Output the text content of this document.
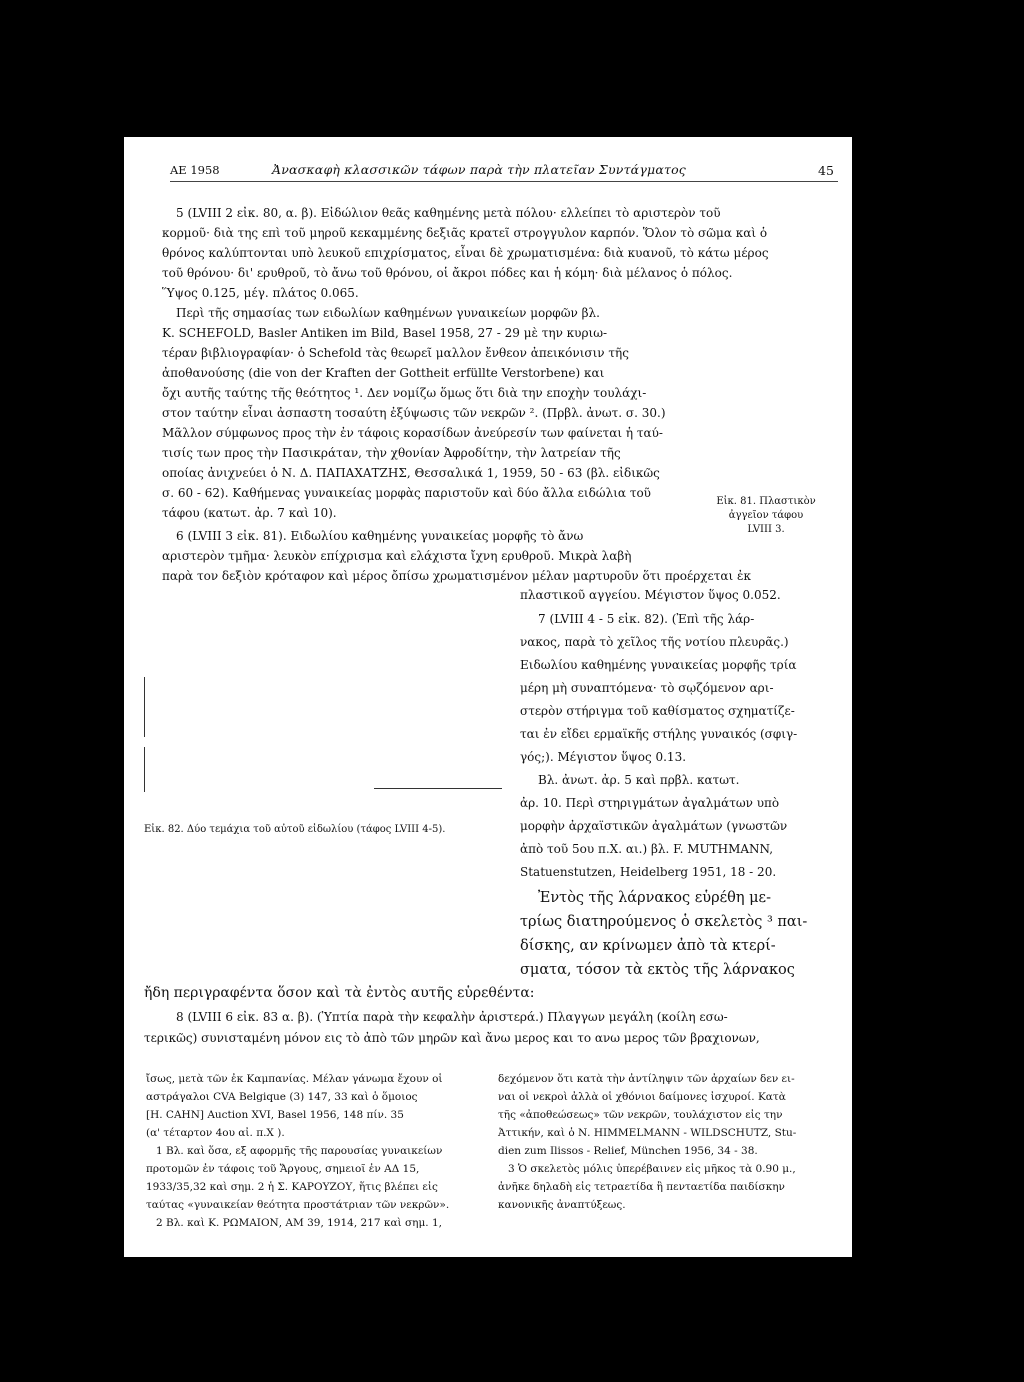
ΑΕ 1958	Ἀνασκαφὴ κλασσικῶν τάφων παρὰ τὴν πλατεῖαν Συντάγματος	45
5 (LVIII 2 εἰκ. 80, α. β). Εἰδώλιον θεᾶς καθημένης μετὰ πόλου· ελλείπει τὸ αριστερὸν τοῦ
κορμοῦ· διὰ της επὶ τοῦ μηροῦ κεκαμμένης δεξιᾶς κρατεῖ στρογγυλον καρπόν. Ὅλον τὸ σῶμα καὶ ὁ
θρόνος καλύπτονται υπὸ λευκοῦ επιχρίσματος, εἶναι δὲ χρωματισμένα: διὰ κυανοῦ, τὸ κάτω μέρος
τοῦ θρόνου· δι' ερυθροῦ, τὸ ἄνω τοῦ θρόνου, οἱ ἄκροι πόδες και ἡ κόμη· διὰ μέλανος ὁ πόλος.
Ὕψος 0.125, μέγ. πλάτος 0.065.
Περὶ τῆς σημασίας των ειδωλίων καθημένων γυναικείων μορφῶν βλ.
K. SCHEFOLD, Basler Antiken im Bild, Basel 1958, 27 - 29 μὲ την κυριω-
τέραν βιβλιογραφίαν· ὁ Schefold τὰς θεωρεῖ μαλλον ἔνθεον ἀπεικόνισιν τῆς
ἀποθανούσης (die von der Kraften der Gottheit erfüllte Verstorbene) και
ὄχι αυτῆς ταύτης τῆς θεότητος ¹. Δεν νομίζω ὅμως ὅτι διὰ την εποχὴν τουλάχι-
στον ταύτην εἶναι ἀσπαστη τοσαύτη ἐξύψωσις τῶν νεκρῶν ². (Πρβλ. ἀνωτ. σ. 30.)
Μᾶλλον σύμφωνος προς τὴν ἐν τάφοις κορασίδων ἀνεύρεσίν των φαίνεται ἡ ταύ-
τισίς των προς τὴν Πασικράταν, τὴν χθονίαν Ἀφροδίτην, τὴν λατρείαν τῆς
οποίας ἀνιχνεύει ὁ Ν. Δ. ΠΑΠΑΧΑΤΖΗΣ, Θεσσαλικά 1, 1959, 50 - 63 (βλ. εἰδικῶς
σ. 60 - 62). Καθήμενας γυναικείας μορφὰς παριστοῦν καὶ δύο ἄλλα ειδώλια τοῦ
τάφου (κατωτ. ἀρ. 7 καὶ 10).
6 (LVIII 3 εἰκ. 81). Ειδωλίου καθημένης γυναικείας μορφῆς τὸ ἄνω
αριστερὸν τμῆμα· λευκὸν επίχρισμα καὶ ελάχιστα ἴχνη ερυθροῦ. Μικρὰ λαβὴ
παρὰ τον δεξιὸν κρόταφον καὶ μέρος ὄπίσω χρωματισμένον μέλαν μαρτυροῦν ὅτι προέρχεται ἐκ
Εἰκ. 81. Πλαστικὸν
ἀγγεῖον τάφου
LVIII 3.
Εἰκ. 82. Δύο τεμάχια τοῦ αὐτοῦ εἰδωλίου (τάφος LVIII 4-5).
πλαστικοῦ αγγείου. Μέγιστον ὕψος 0.052.
7 (LVIII 4 - 5 εἰκ. 82). (Ἐπὶ τῆς λάρ-
νακος, παρὰ τὸ χεῖλος τῆς νοτίου πλευρᾶς.)
Ειδωλίου καθημένης γυναικείας μορφῆς τρία
μέρη μὴ συναπτόμενα· τὸ σῳζόμενον αρι-
στερὸν στήριγμα τοῦ καθίσματος σχηματίζε-
ται ἐν εἴδει ερμαϊκῆς στήλης γυναικός (σφιγ-
γός;). Μέγιστον ὕψος 0.13.
Βλ. ἀνωτ. ἀρ. 5 καὶ πρβλ. κατωτ.
ἀρ. 10. Περὶ στηριγμάτων ἀγαλμάτων υπὸ
μορφὴν ἀρχαϊστικῶν ἀγαλμάτων (γνωστῶν
ἀπὸ τοῦ 5ου π.Χ. αι.) βλ. F. MUTHMANN,
Statuenstutzen, Heidelberg 1951, 18 - 20.
Ἐντὸς τῆς λάρνακος εὑρέθη με-
τρίως διατηρούμενος ὁ σκελετὸς ³ παι-
δίσκης, αν κρίνωμεν ἀπὸ τὰ κτερί-
σματα, τόσον τὰ εκτὸς τῆς λάρνακος
ἤδη περιγραφέντα ὅσον καὶ τὰ ἐντὸς αυτῆς εὑρεθέντα:
8 (LVIII 6 εἰκ. 83 α. β). (Ὑπτία παρὰ τὴν κεφαλὴν ἀριστερά.) Πλαγγων μεγάλη (κοίλη εσω-
τερικῶς) συνισταμένη μόνον εις τὸ ἀπὸ τῶν μηρῶν καὶ ἄνω μερος και το ανω μερος τῶν βραχιονων,
ἴσως, μετὰ τῶν ἐκ Καμπανίας. Μέλαν γάνωμα ἔχουν οἱ
αστράγαλοι CVA Belgique (3) 147, 33 καὶ ὁ ὅμοιος
[H. CAHN] Auction XVI, Basel 1956, 148 πίν. 35
(α' τέταρτον 4ου αἰ. π.Χ ).
1 Βλ. καὶ ὅσα, εξ αφορμῆς τῆς παρουσίας γυναικείων
προτομῶν ἐν τάφοις τοῦ Ἄργους, σημειοῖ ἐν ΑΔ 15,
1933/35,32 καὶ σημ. 2 ἡ Σ. ΚΑΡΟΥΖΟΥ, ἥτις βλέπει εἰς
ταύτας «γυναικείαν θεότητα προστάτριαν τῶν νεκρῶν».
2 Βλ. καὶ Κ. ΡΩΜΑΙΟΝ, ΑΜ 39, 1914, 217 καὶ σημ. 1,
δεχόμενον ὅτι κατὰ τὴν ἀντίληψιν τῶν ἀρχαίων δεν ει-
ναι οἱ νεκροὶ ἀλλὰ οἱ χθόνιοι δαίμονες ἰσχυροί. Κατὰ
τῆς «ἀποθεώσεως» τῶν νεκρῶν, τουλάχιστον εἰς την
Ἀττικήν, καὶ ὁ Ν. HIMMELMANN - WILDSCHUTZ, Stu-
dien zum Ilissos - Relief, München 1956, 34 - 38.
3 Ὁ σκελετὸς μόλις ὑπερέβαινεν εἰς μῆκος τὰ 0.90 μ.,
ἀνῆκε δηλαδὴ εἰς τετραετίδα ἢ πενταετίδα παιδίσκην
κανονικῆς ἀναπτύξεως.
